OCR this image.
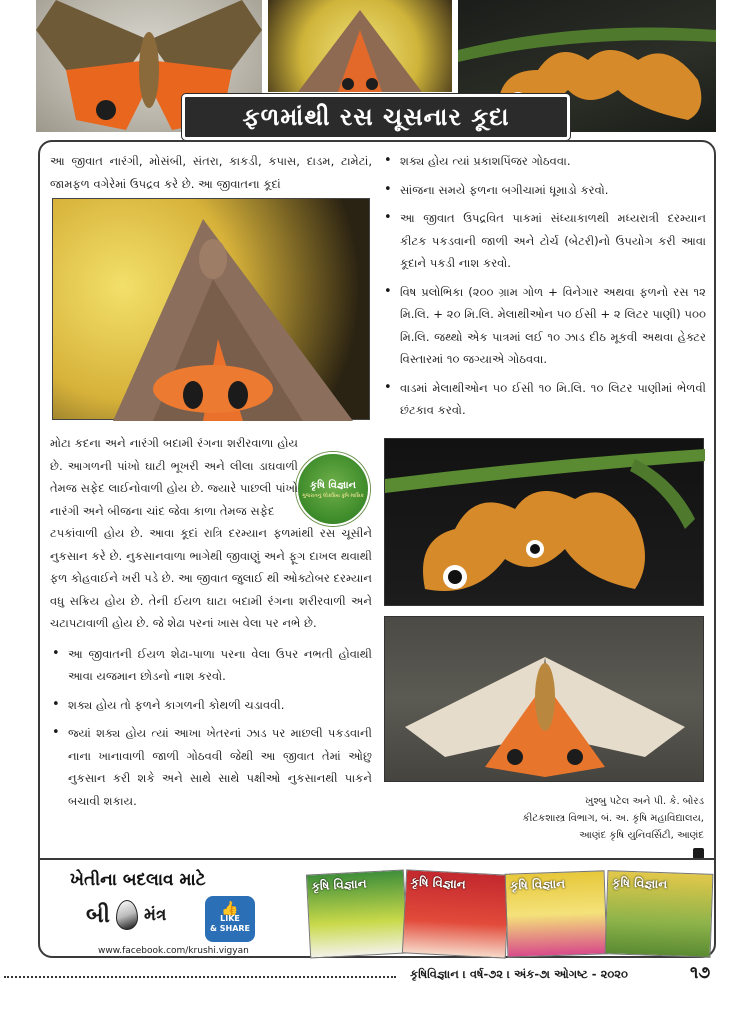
ફળમાંથી રસ ચૂસનાર કૂદા

આ જીવાત નારંગી, મોસંબી, સંતરા, કાકડી, કપાસ, દાડમ, ટામેટાં, જામફળ વગેરેમાં ઉપદ્રવ કરે છે. આ જીવાતના કૂદાં

કૃષિ વિજ્ઞાન
ગુજરાતનું લોકપ્રિય કૃષિ માસિક

મોટા કદના અને નારંગી બદામી રંગના શરીરવાળા હોય છે. આગળની પાંખો ઘાટી ભૂખરી અને લીલા ડાઘવાળી તેમજ સફેદ લાઈનોવાળી હોય છે. જ્યારે પાછલી પાંખો નારંગી અને બીજના ચાંદ જેવા કાળા તેમજ સફેદ

ટપકાંવાળી હોય છે. આવા કૂદાં રાત્રિ દરમ્યાન ફળમાંથી રસ ચૂસીને નુકસાન કરે છે. નુકસાનવાળા ભાગેથી જીવાણું અને ફૂગ દાખલ થવાથી ફળ કોહવાઈને ખરી પડે છે. આ જીવાત જુલાઈ થી ઓક્ટોબર દરમ્યાન વધુ સક્રિય હોય છે. તેની ઈયળ ઘાટા બદામી રંગના શરીરવાળી અને ચટાપટાવાળી હોય છે. જે શેઢા પરનાં ખાસ વેલા પર નભે છે.

• આ જીવાતની ઈયળ શેઢા-પાળા પરના વેલા ઉપર નભતી હોવાથી આવા યજમાન છોડનો નાશ કરવો.
• શક્ય હોય તો ફળને કાગળની કોથળી ચડાવવી.
• જ્યાં શક્ય હોય ત્યાં આખા ખેતરનાં ઝાડ પર માછલી પકડવાની નાના ખાનાવાળી જાળી ગોઠવવી જેથી આ જીવાત તેમાં ઓછુ નુકસાન કરી શકે અને સાથે સાથે પક્ષીઓ નુકસાનથી પાકને બચાવી શકાય.
• શક્ય હોય ત્યાં પ્રકાશપિંજર ગોઠવવા.
• સાંજના સમયે ફળના બગીચામાં ધૂમાડો કરવો.
• આ જીવાત ઉપદ્રવિત પાકમાં સંધ્યાકાળથી મધ્યરાત્રી દરમ્યાન કીટક પકડવાની જાળી અને ટોર્ચ (બેટરી)નો ઉપયોગ કરી આવા કૂદાને પકડી નાશ કરવો.
• વિષ પ્રલોભિકા (૨૦૦ ગ્રામ ગોળ + વિનેગાર અથવા ફળનો રસ ૧૨ મિ.લિ. + ૨૦ મિ.લિ. મેલાથીઓન ૫૦ ઈસી + ૨ લિટર પાણી) ૫૦૦ મિ.લિ. જથ્થો એક પાત્રમાં લઈ ૧૦ ઝાડ દીઠ મૂકવી અથવા હેક્ટર વિસ્તારમાં ૧૦ જગ્યાએ ગોઠવવા.
• વાડમાં મેલાથીઓન ૫૦ ઈસી ૧૦ મિ.લિ. ૧૦ લિટર પાણીમાં ભેળવી છંટકાવ કરવો.
ખુશ્બુ પટેલ અને પી. કે. બોરડ
કીટકશાસ્ત્ર વિભાગ, બં. અ. કૃષિ મહાવિદ્યાલય,
આણંદ કૃષિ યુનિવર્સિટી, આણંદ
ખેતીના બદલાવ માટે
બી મંત્ર	👍
LIKE
& SHARE
www.facebook.com/krushi.vigyan
કૃષિ વિજ્ઞાન	કૃષિ વિજ્ઞાન	કૃષિ વિજ્ઞાન	કૃષિ વિજ્ઞાન
કૃષિવિજ્ઞાન । વર્ષ-૭૨ । અંક-૭। ઓગષ્ટ - ૨૦૨૦	૧૭
